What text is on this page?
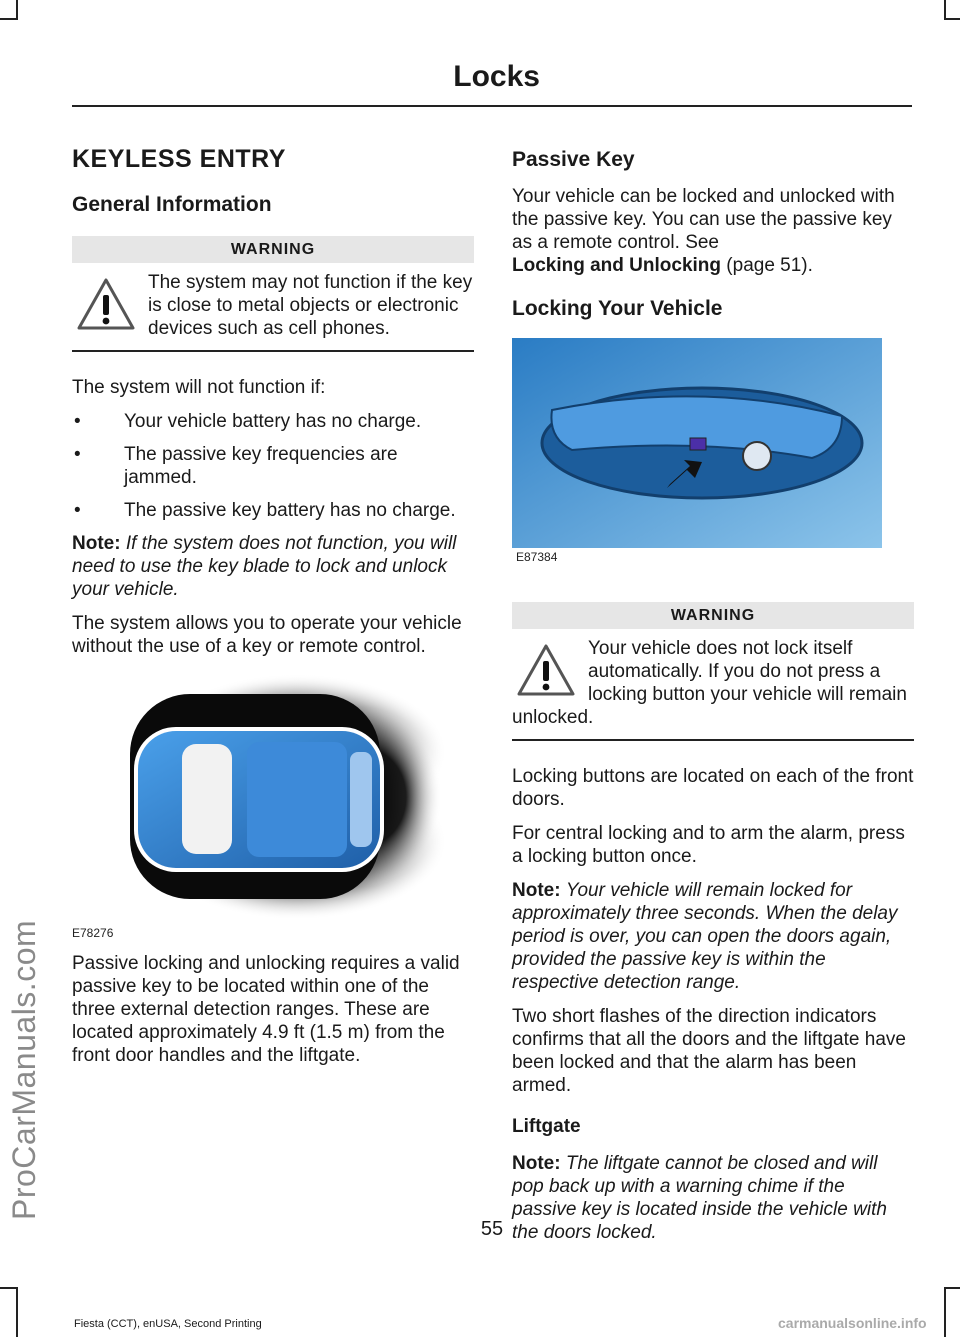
Locks
ProCarManuals.com
KEYLESS ENTRY
General Information
WARNING
The system may not function if the key is close to metal objects or electronic devices such as cell phones.

The system will not function if:

• Your vehicle battery has no charge.
• The passive key frequencies are jammed.
• The passive key battery has no charge.

Note: If the system does not function, you will need to use the key blade to lock and unlock your vehicle.

The system allows you to operate your vehicle without the use of a key or remote control.

E78276

Passive locking and unlocking requires a valid passive key to be located within one of the three external detection ranges. These are located approximately 4.9 ft (1.5 m) from the front door handles and the liftgate.

Passive Key

Your vehicle can be locked and unlocked with the passive key. You can use the passive key as a remote control. See
Locking and Unlocking (page 51).

Locking Your Vehicle
E87384
WARNING
Your vehicle does not lock itself automatically. If you do not press a locking button your vehicle will remain unlocked.

Locking buttons are located on each of the front doors.

For central locking and to arm the alarm, press a locking button once.

Note: Your vehicle will remain locked for approximately three seconds. When the delay period is over, you can open the doors again, provided the passive key is within the respective detection range.

Two short flashes of the direction indicators confirms that all the doors and the liftgate have been locked and that the alarm has been armed.

Liftgate

Note: The liftgate cannot be closed and will pop back up with a warning chime if the passive key is located inside the vehicle with the doors locked.

55
Fiesta (CCT), enUSA, Second Printing	carmanualsonline.info
